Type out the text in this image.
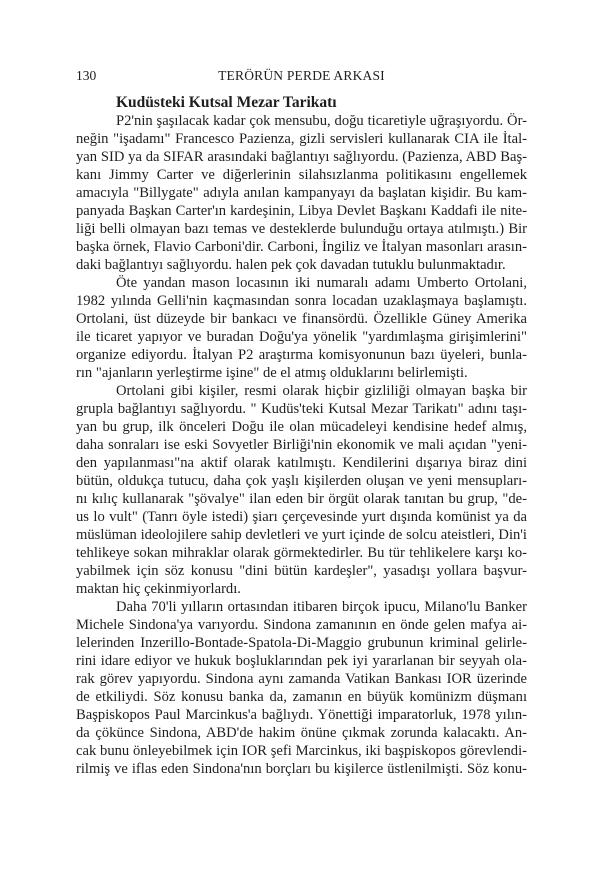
130	TERÖRÜN PERDE ARKASI
Kudüsteki Kutsal Mezar Tarikatı
P2'nin şaşılacak kadar çok mensubu, doğu ticaretiyle uğraşıyordu. Ör-
neğin "işadamı" Francesco Pazienza, gizli servisleri kullanarak CIA ile İtal-
yan SID ya da SIFAR arasındaki bağlantıyı sağlıyordu. (Pazienza, ABD Baş-
kanı Jimmy Carter ve diğerlerinin silahsızlanma politikasını engellemek
amacıyla "Billygate" adıyla anılan kampanyayı da başlatan kişidir. Bu kam-
panyada Başkan Carter'ın kardeşinin, Libya Devlet Başkanı Kaddafi ile nite-
liği belli olmayan bazı temas ve desteklerde bulunduğu ortaya atılmıştı.) Bir
başka örnek, Flavio Carboni'dir. Carboni, İngiliz ve İtalyan masonları arasın-
daki bağlantıyı sağlıyordu. halen pek çok davadan tutuklu bulunmaktadır.
Öte yandan mason locasının iki numaralı adamı Umberto Ortolani,
1982 yılında Gelli'nin kaçmasından sonra locadan uzaklaşmaya başlamıştı.
Ortolani, üst düzeyde bir bankacı ve finansördü. Özellikle Güney Amerika
ile ticaret yapıyor ve buradan Doğu'ya yönelik "yardımlaşma girişimlerini"
organize ediyordu. İtalyan P2 araştırma komisyonunun bazı üyeleri, bunla-
rın "ajanların yerleştirme işine" de el atmış olduklarını belirlemişti.
Ortolani gibi kişiler, resmi olarak hiçbir gizliliği olmayan başka bir
grupla bağlantıyı sağlıyordu. " Kudüs'teki Kutsal Mezar Tarikatı" adını taşı-
yan bu grup, ilk önceleri Doğu ile olan mücadeleyi kendisine hedef almış,
daha sonraları ise eski Sovyetler Birliği'nin ekonomik ve mali açıdan "yeni-
den yapılanması"na aktif olarak katılmıştı. Kendilerini dışarıya biraz dini
bütün, oldukça tutucu, daha çok yaşlı kişilerden oluşan ve yeni mensupları-
nı kılıç kullanarak "şövalye" ilan eden bir örgüt olarak tanıtan bu grup, "de-
us lo vult" (Tanrı öyle istedi) şiarı çerçevesinde yurt dışında komünist ya da
müslüman ideolojilere sahip devletleri ve yurt içinde de solcu ateistleri, Din'i
tehlikeye sokan mihraklar olarak görmektedirler. Bu tür tehlikelere karşı ko-
yabilmek için söz konusu "dini bütün kardeşler", yasadışı yollara başvur-
maktan hiç çekinmiyorlardı.
Daha 70'li yılların ortasından itibaren birçok ipucu, Milano'lu Banker
Michele Sindona'ya varıyordu. Sindona zamanının en önde gelen mafya ai-
lelerinden Inzerillo-Bontade-Spatola-Di-Maggio grubunun kriminal gelirle-
rini idare ediyor ve hukuk boşluklarından pek iyi yararlanan bir seyyah ola-
rak görev yapıyordu. Sindona aynı zamanda Vatikan Bankası IOR üzerinde
de etkiliydi. Söz konusu banka da, zamanın en büyük komünizm düşmanı
Başpiskopos Paul Marcinkus'a bağlıydı. Yönettiği imparatorluk, 1978 yılın-
da çökünce Sindona, ABD'de hakim önüne çıkmak zorunda kalacaktı. An-
cak bunu önleyebilmek için IOR şefi Marcinkus, iki başpiskopos görevlendi-
rilmiş ve iflas eden Sindona'nın borçları bu kişilerce üstlenilmişti. Söz konu-
